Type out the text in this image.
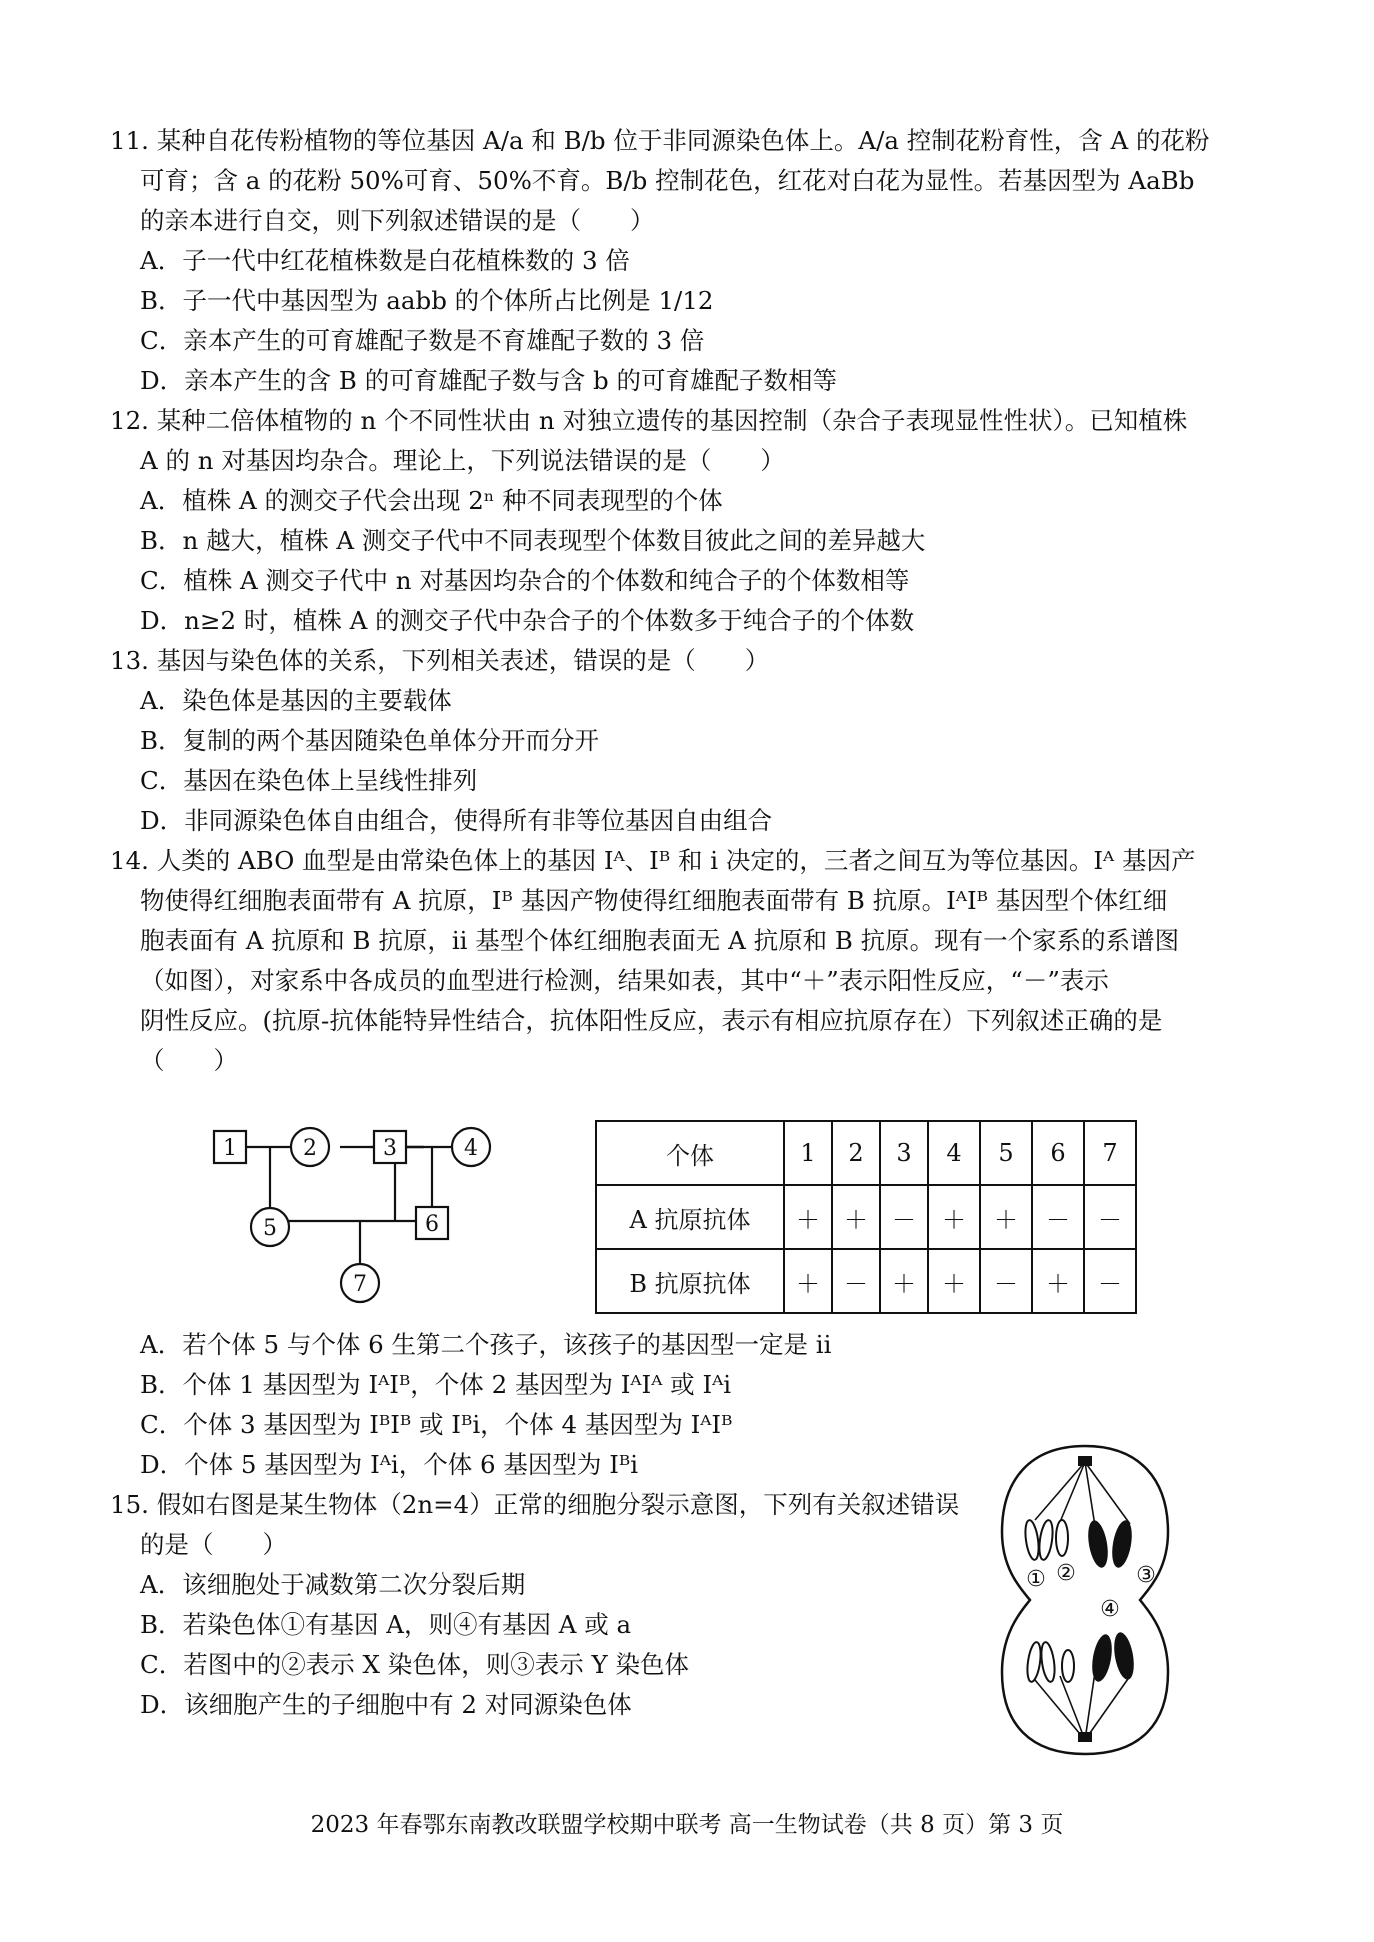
11. 某种自花传粉植物的等位基因 A/a 和 B/b 位于非同源染色体上。A/a 控制花粉育性，含 A 的花粉
可育；含 a 的花粉 50%可育、50%不育。B/b 控制花色，红花对白花为显性。若基因型为 AaBb
的亲本进行自交，则下列叙述错误的是（　　）
A．子一代中红花植株数是白花植株数的 3 倍
B．子一代中基因型为 aabb 的个体所占比例是 1/12
C．亲本产生的可育雄配子数是不育雄配子数的 3 倍
D．亲本产生的含 B 的可育雄配子数与含 b 的可育雄配子数相等
12. 某种二倍体植物的 n 个不同性状由 n 对独立遗传的基因控制（杂合子表现显性性状）。已知植株
A 的 n 对基因均杂合。理论上，下列说法错误的是（　　）
A．植株 A 的测交子代会出现 2ⁿ 种不同表现型的个体
B．n 越大，植株 A 测交子代中不同表现型个体数目彼此之间的差异越大
C．植株 A 测交子代中 n 对基因均杂合的个体数和纯合子的个体数相等
D．n≥2 时，植株 A 的测交子代中杂合子的个体数多于纯合子的个体数
13. 基因与染色体的关系，下列相关表述，错误的是（　　）
A．染色体是基因的主要载体
B．复制的两个基因随染色单体分开而分开
C．基因在染色体上呈线性排列
D．非同源染色体自由组合，使得所有非等位基因自由组合
14. 人类的 ABO 血型是由常染色体上的基因 Iᴬ、Iᴮ 和 i 决定的，三者之间互为等位基因。Iᴬ 基因产
物使得红细胞表面带有 A 抗原，Iᴮ 基因产物使得红细胞表面带有 B 抗原。IᴬIᴮ 基因型个体红细
胞表面有 A 抗原和 B 抗原，ii 基型个体红细胞表面无 A 抗原和 B 抗原。现有一个家系的系谱图
（如图），对家系中各成员的血型进行检测，结果如表，其中“＋”表示阳性反应，“－”表示
阴性反应。(抗原-抗体能特异性结合，抗体阳性反应，表示有相应抗原存在）下列叙述正确的是
（　　）
A．若个体 5 与个体 6 生第二个孩子，该孩子的基因型一定是 ii
B．个体 1 基因型为 IᴬIᴮ，个体 2 基因型为 IᴬIᴬ 或 Iᴬi
C．个体 3 基因型为 IᴮIᴮ 或 Iᴮi，个体 4 基因型为 IᴬIᴮ
D．个体 5 基因型为 Iᴬi，个体 6 基因型为 Iᴮi
15. 假如右图是某生物体（2n=4）正常的细胞分裂示意图，下列有关叙述错误
的是（　　）
A．该细胞处于减数第二次分裂后期
B．若染色体①有基因 A，则④有基因 A 或 a
C．若图中的②表示 X 染色体，则③表示 Y 染色体
D．该细胞产生的子细胞中有 2 对同源染色体
1	2	3	4
5	6
7
个体	1	2	3	4	5	6	7
A 抗原抗体	＋	＋	－	＋	＋	－	－
B 抗原抗体	＋	－	＋	＋	－	＋	－
① ②	③
④
2023 年春鄂东南教改联盟学校期中联考 高一生物试卷（共 8 页）第 3 页
